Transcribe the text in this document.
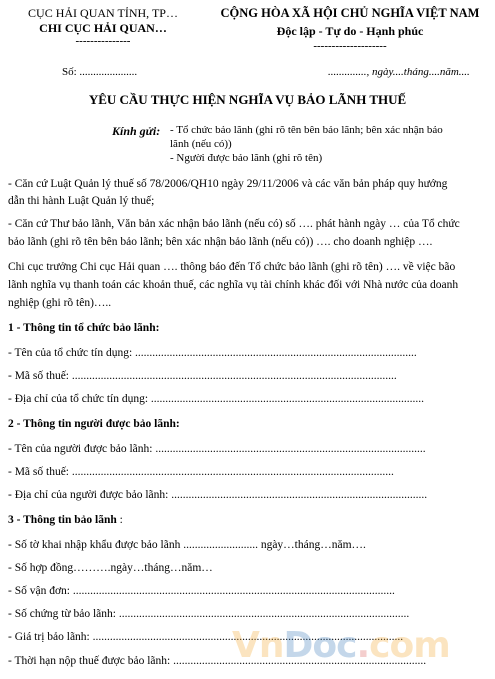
CỤC HẢI QUAN TỈNH, TP…
CHI CỤC HẢI QUAN…
---------------
CỘNG HÒA XÃ HỘI CHỦ NGHĨA VIỆT NAM
Độc lập - Tự do - Hạnh phúc
--------------------
Số: .....................	.............., ngày....tháng....năm....
YÊU CẦU THỰC HIỆN NGHĨA VỤ BẢO LÃNH THUẾ
Kính gửi: - Tổ chức bảo lãnh (ghi rõ tên bên bảo lãnh; bên xác nhận bảo
lãnh (nếu có))
- Người được bảo lãnh (ghi rõ tên)
- Căn cứ Luật Quản lý thuế số 78/2006/QH10 ngày 29/11/2006 và các văn bản pháp quy hướng
dẫn thi hành Luật Quản lý thuế;
- Căn cứ Thư bảo lãnh, Văn bản xác nhận bảo lãnh (nếu có) số …. phát hành ngày … của Tổ chức
bảo lãnh (ghi rõ tên bên bảo lãnh; bên xác nhận bảo lãnh (nếu có)) …. cho doanh nghiệp ….
Chi cục trưởng Chi cục Hải quan …. thông báo đến Tổ chức bảo lãnh (ghi rõ tên) …. về việc bão
lãnh nghĩa vụ thanh toán các khoản thuế, các nghĩa vụ tài chính khác đối với Nhà nước của doanh
nghiệp (ghi rõ tên)…..
1 - Thông tin tổ chức bảo lãnh:
- Tên của tổ chức tín dụng: ..................................................................................................
- Mã số thuế: .................................................................................................................
- Địa chỉ của tổ chức tín dụng: ...............................................................................................
2 - Thông tin người được bảo lãnh:
- Tên của người được bảo lãnh: ..............................................................................................
- Mã số thuế: ................................................................................................................
- Địa chỉ của người được bảo lãnh: .........................................................................................
3 - Thông tin bảo lãnh :
- Số tờ khai nhập khẩu được bảo lãnh .......................... ngày…tháng…năm….
- Số hợp đồng……….ngày…tháng…năm…
- Số vận đơn: ................................................................................................................
- Số chứng từ bảo lãnh: .....................................................................................................
- Giá trị bảo lãnh: ............................................................................................................
- Thời hạn nộp thuế được bảo lãnh: ........................................................................................
VnDoc.com
